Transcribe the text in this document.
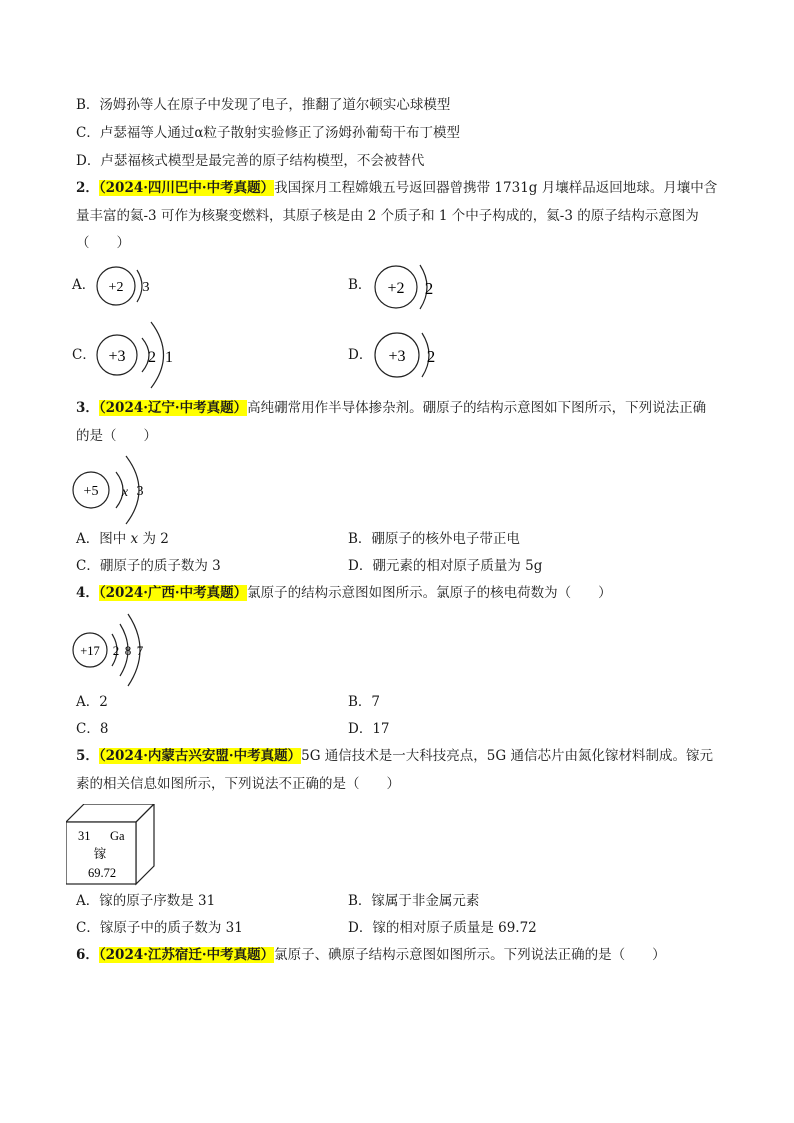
B．汤姆孙等人在原子中发现了电子，推翻了道尔顿实心球模型
C．卢瑟福等人通过α粒子散射实验修正了汤姆孙葡萄干布丁模型
D．卢瑟福核式模型是最完善的原子结构模型，不会被替代
2．（2024·四川巴中·中考真题）我国探月工程嫦娥五号返回器曾携带 1731g 月壤样品返回地球。月壤中含
量丰富的氦-3 可作为核聚变燃料，其原子核是由 2 个质子和 1 个中子构成的，氦-3 的原子结构示意图为
（　　）
A． +2 3	B． +2 2
C． +3 2 1	D． +3 2
3．（2024·辽宁·中考真题）高纯硼常用作半导体掺杂剂。硼原子的结构示意图如下图所示，下列说法正确
的是（　　）
+5 x 3
A．图中 x 为 2	B．硼原子的核外电子带正电
C．硼原子的质子数为 3	D．硼元素的相对原子质量为 5g
4．（2024·广西·中考真题）氯原子的结构示意图如图所示。氯原子的核电荷数为（　　）
+17 2 8 7
A．2	B．7
C．8	D．17
5．（2024·内蒙古兴安盟·中考真题）5G 通信技术是一大科技亮点，5G 通信芯片由氮化镓材料制成。镓元
素的相关信息如图所示，下列说法不正确的是（　　）
31 Ga
镓
69.72
A．镓的原子序数是 31	B．镓属于非金属元素
C．镓原子中的质子数为 31	D．镓的相对原子质量是 69.72
6．（2024·江苏宿迁·中考真题）氯原子、碘原子结构示意图如图所示。下列说法正确的是（　　）
